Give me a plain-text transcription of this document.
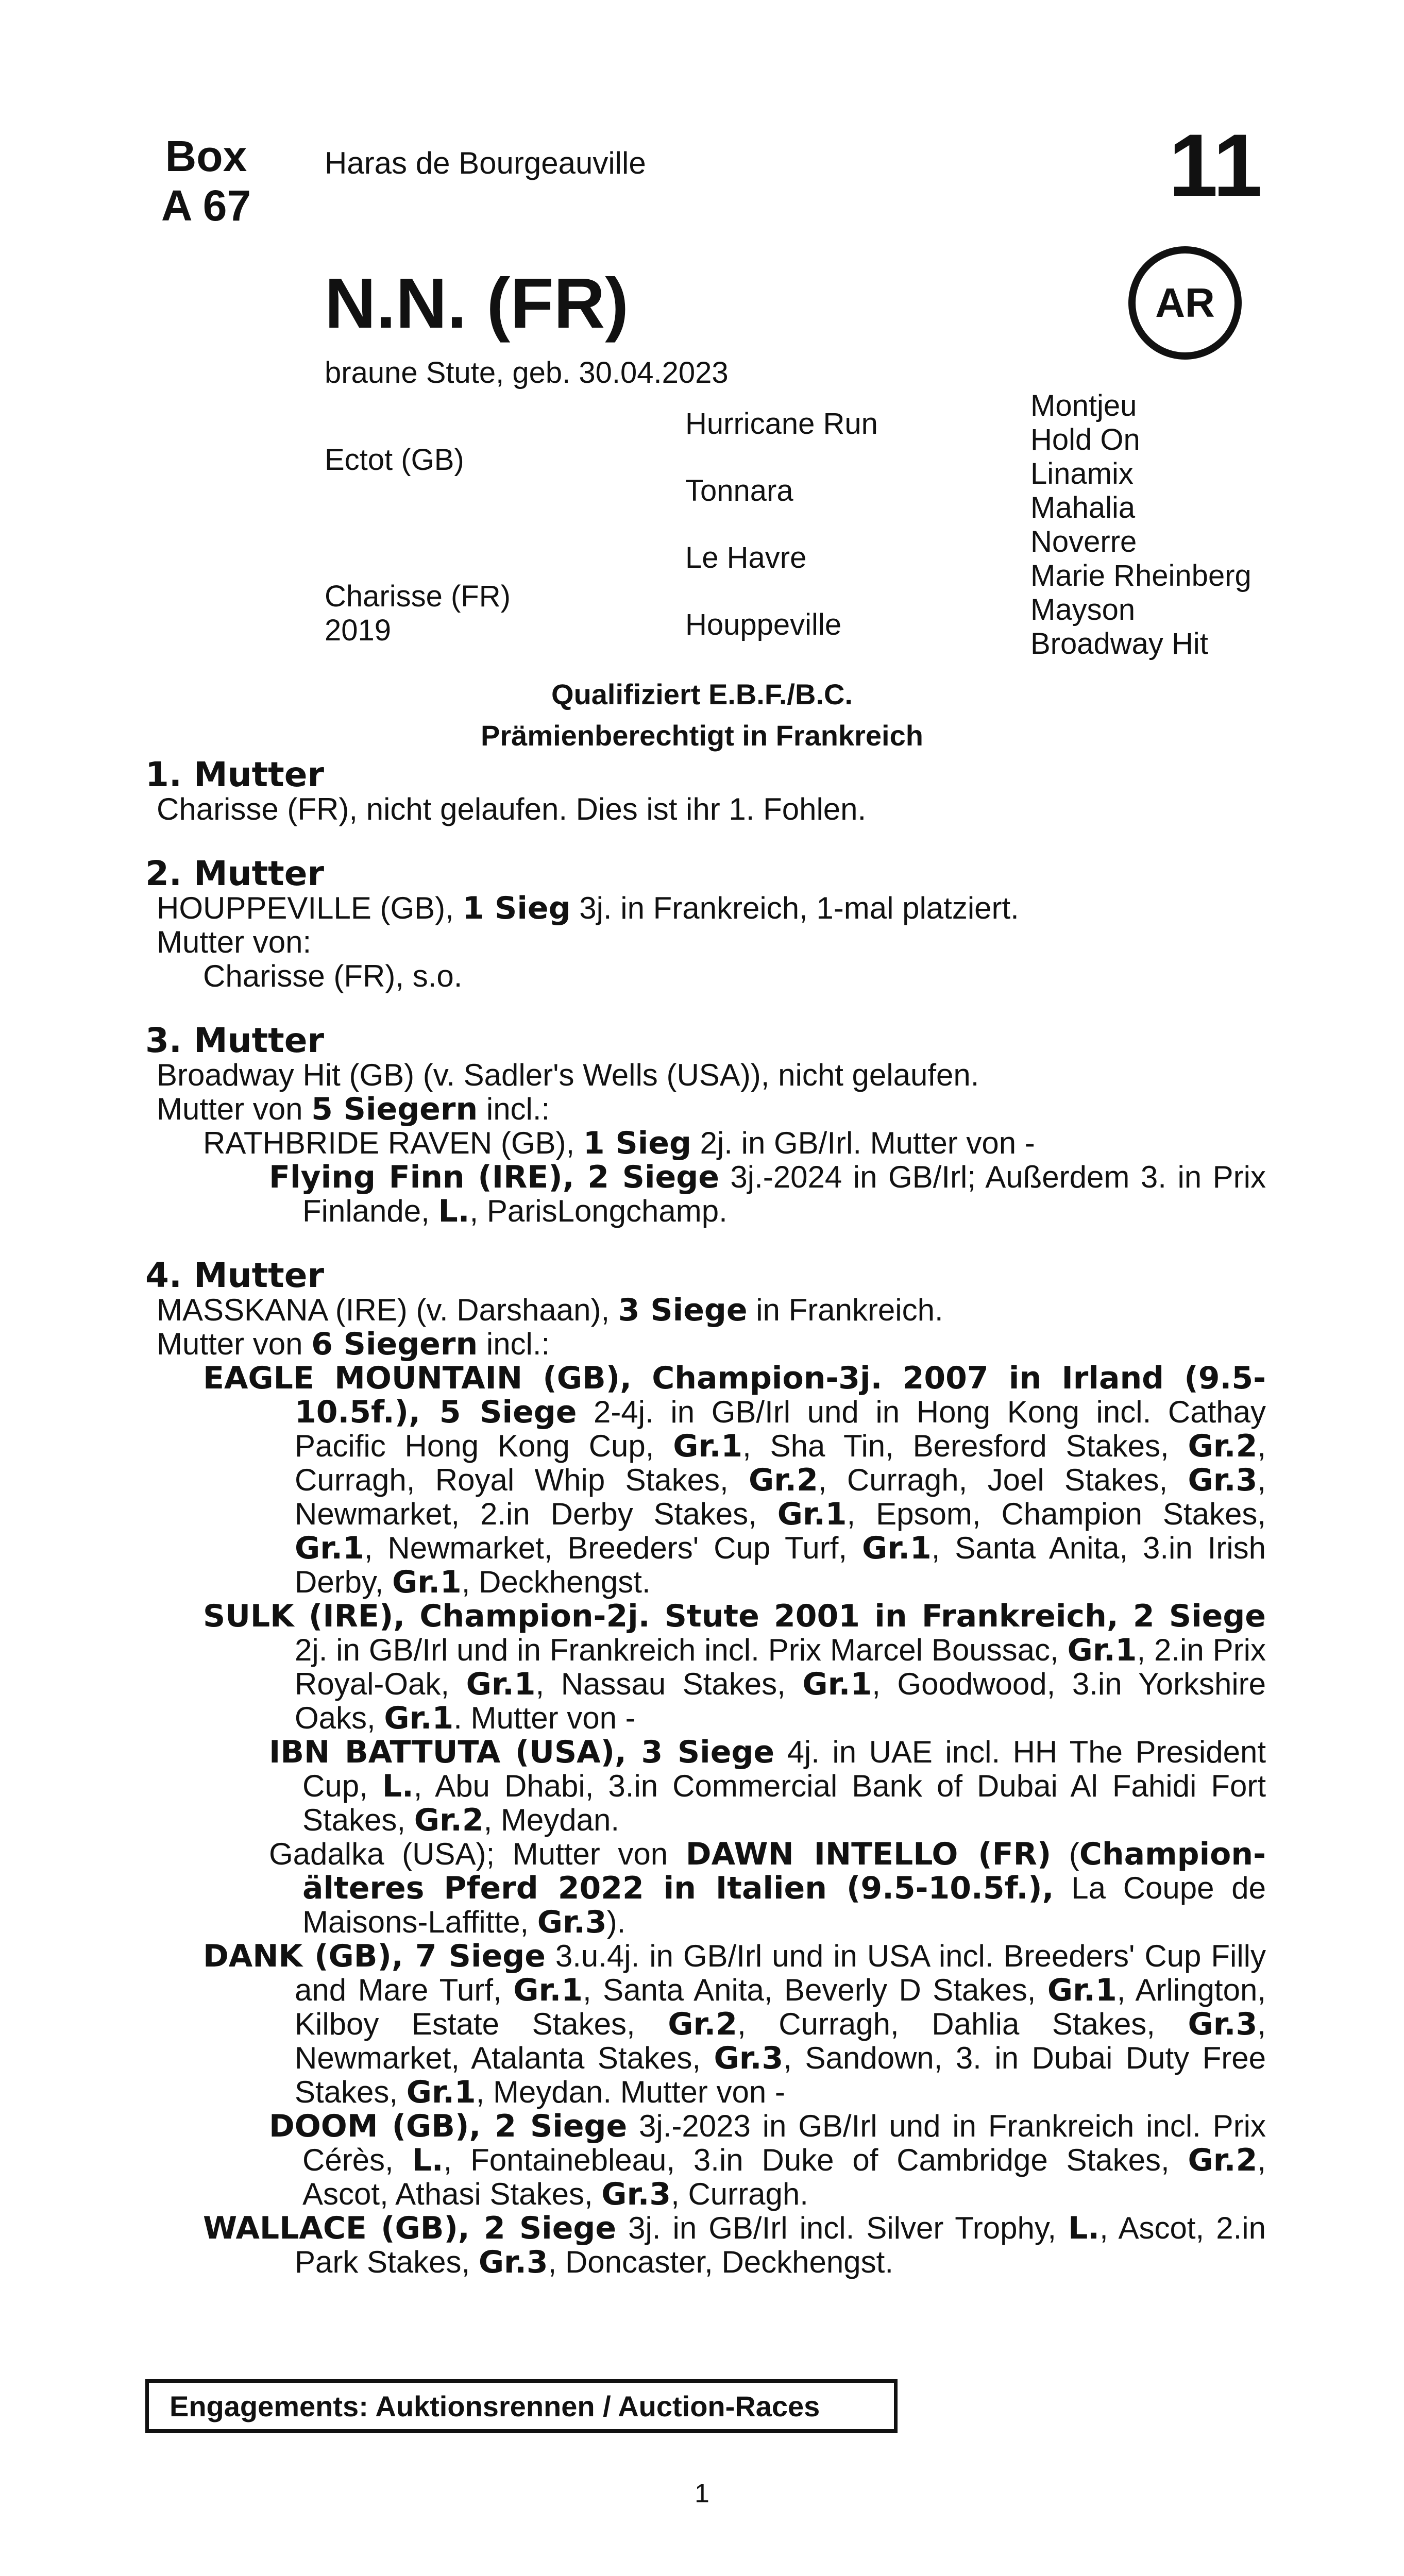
Box
A 67
Haras de Bourgeauville	11
AR
N.N. (FR)
braune Stute, geb. 30.04.2023
Ectot (GB)
Charisse (FR)
2019
Hurricane Run
Tonnara
Le Havre
Houppeville
Montjeu
Hold On
Linamix
Mahalia
Noverre
Marie Rheinberg
Mayson
Broadway Hit
Qualifiziert E.B.F./B.C.
Prämienberechtigt in Frankreich
1. Mutter
Charisse (FR), nicht gelaufen. Dies ist ihr 1. Fohlen.
2. Mutter
HOUPPEVILLE (GB), 1 Sieg 3j. in Frankreich, 1-mal platziert.
Mutter von:
Charisse (FR), s.o.
3. Mutter
Broadway Hit (GB) (v. Sadler's Wells (USA)), nicht gelaufen.
Mutter von 5 Siegern incl.:
RATHBRIDE RAVEN (GB), 1 Sieg 2j. in GB/Irl. Mutter von -
Flying Finn (IRE), 2 Siege 3j.-2024 in GB/Irl; Außerdem 3. in Prix Finlande, L., ParisLongchamp.
4. Mutter
MASSKANA (IRE) (v. Darshaan), 3 Siege in Frankreich.
Mutter von 6 Siegern incl.:
EAGLE MOUNTAIN (GB), Champion-3j. 2007 in Irland (9.5-10.5f.), 5 Siege 2-4j. in GB/Irl und in Hong Kong incl. Cathay Pacific Hong Kong Cup, Gr.1, Sha Tin, Beresford Stakes, Gr.2, Curragh, Royal Whip Stakes, Gr.2, Curragh, Joel Stakes, Gr.3, Newmarket, 2.in Derby Stakes, Gr.1, Epsom, Champion Stakes, Gr.1, Newmarket, Breeders' Cup Turf, Gr.1, Santa Anita, 3.in Irish Derby, Gr.1, Deckhengst.
SULK (IRE), Champion-2j. Stute 2001 in Frankreich, 2 Siege 2j. in GB/Irl und in Frankreich incl. Prix Marcel Boussac, Gr.1, 2.in Prix Royal-Oak, Gr.1, Nassau Stakes, Gr.1, Goodwood, 3.in Yorkshire Oaks, Gr.1. Mutter von -
IBN BATTUTA (USA), 3 Siege 4j. in UAE incl. HH The President Cup, L., Abu Dhabi, 3.in Commercial Bank of Dubai Al Fahidi Fort Stakes, Gr.2, Meydan.
Gadalka (USA); Mutter von DAWN INTELLO (FR) (Champion-älteres Pferd 2022 in Italien (9.5-10.5f.), La Coupe de Maisons-Laffitte, Gr.3).
DANK (GB), 7 Siege 3.u.4j. in GB/Irl und in USA incl. Breeders' Cup Filly and Mare Turf, Gr.1, Santa Anita, Beverly D Stakes, Gr.1, Arlington, Kilboy Estate Stakes, Gr.2, Curragh, Dahlia Stakes, Gr.3, Newmarket, Atalanta Stakes, Gr.3, Sandown, 3. in Dubai Duty Free Stakes, Gr.1, Meydan. Mutter von -
DOOM (GB), 2 Siege 3j.-2023 in GB/Irl und in Frankreich incl. Prix Cérès, L., Fontainebleau, 3.in Duke of Cambridge Stakes, Gr.2, Ascot, Athasi Stakes, Gr.3, Curragh.
WALLACE (GB), 2 Siege 3j. in GB/Irl incl. Silver Trophy, L., Ascot, 2.in Park Stakes, Gr.3, Doncaster, Deckhengst.
Engagements: Auktionsrennen / Auction-Races
1
